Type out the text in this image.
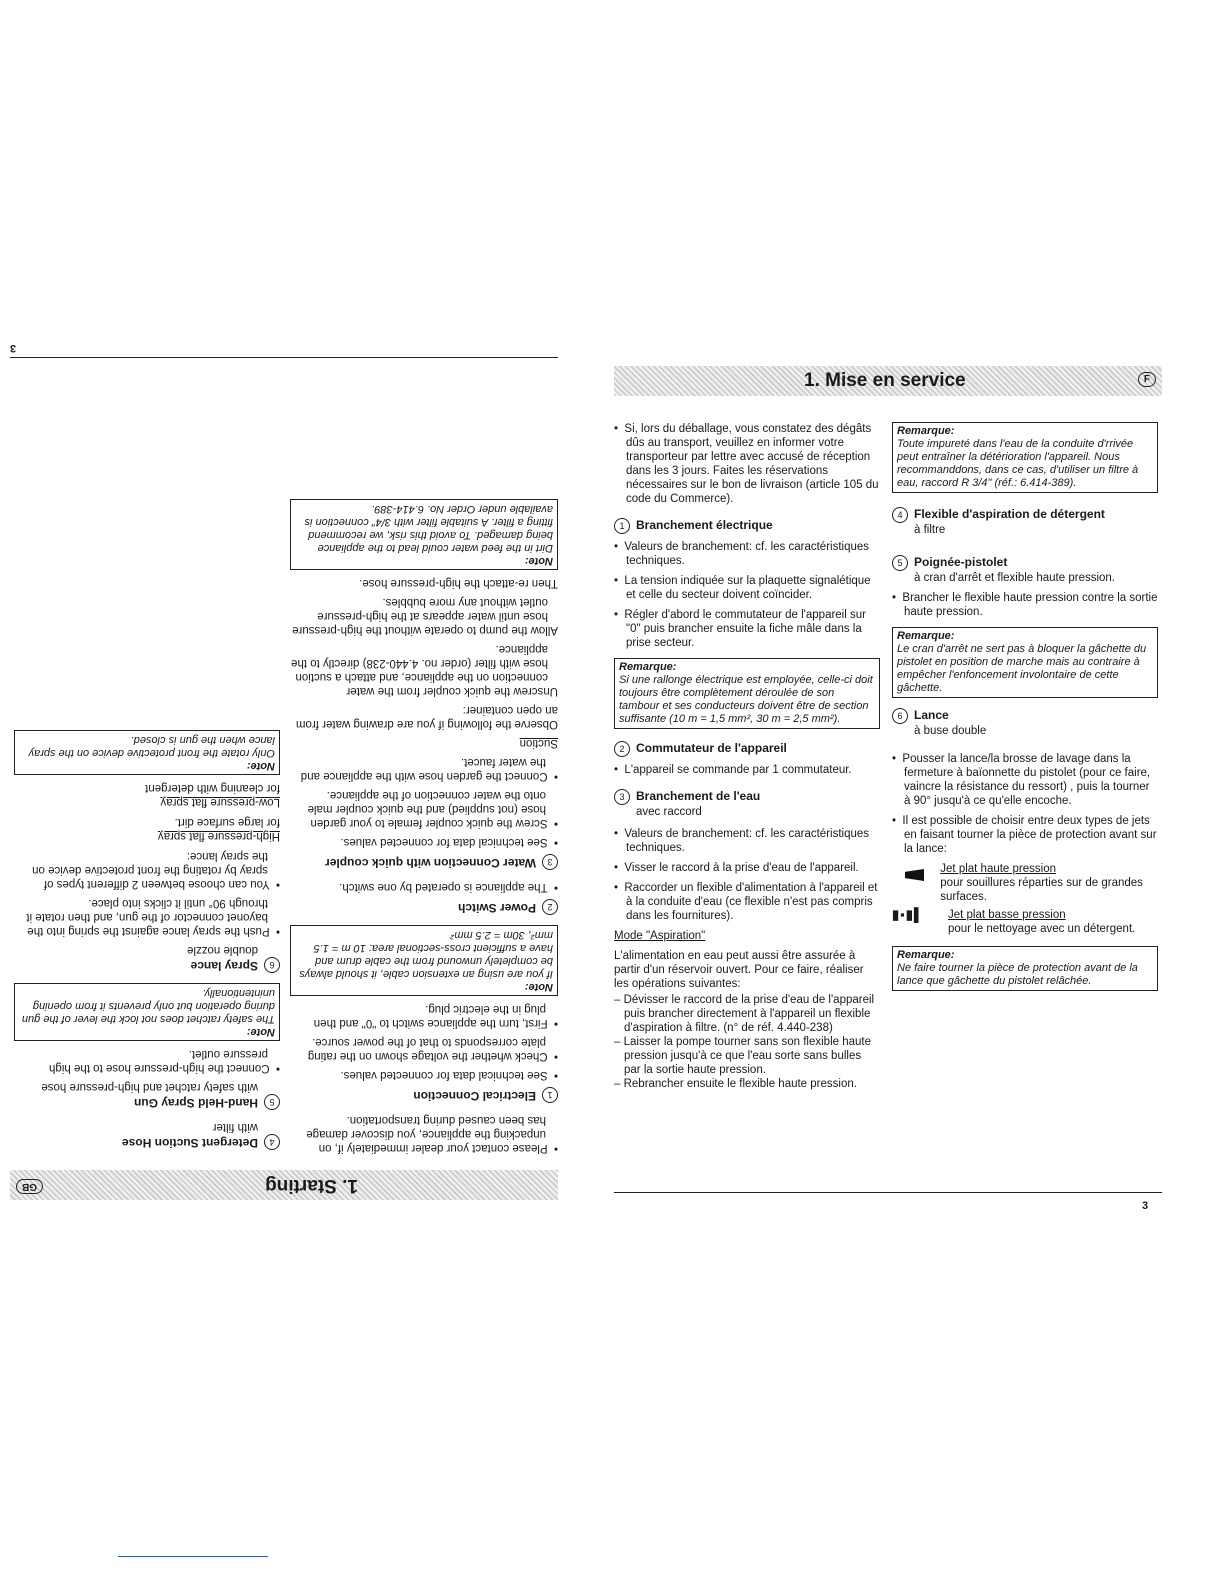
1. Starting
GB

•  Please contact your dealer immediately if, on unpacking the appliance, you discover damage has been caused during transportation.

1Electrical Connection

•  See technical data for connected values.

•  Check whether the voltage shown on the rating plate corresponds to that of the power source.

•  First, turn the appliance switch to "0" and then plug in the electric plug.

Note:

If you are using an extension cable, it should always be completely unwound from the cable drum and have a sufficient cross-sectional area: 10 m = 1.5 mm², 30m = 2.5 mm²

2Power Switch

•  The appliance is operated by one switch.

3Water Connection with quick coupler

•  See technical data for connected values.

•  Screw the quick coupler female to your garden hose (not supplied) and the quick coupler male onto the water connection of the appliance.

•  Connect the garden hose with the appliance and the water faucet.

Suction

Observe the following if you are drawing water from an open container:

Unscrew the quick coupler from the water connection on the appliance, and attach a suction hose with filter (order no. 4.440-238) directly to the appliance.

Allow the pump to operate without the high-pressure hose until water appears at the high-pressure outlet without any more bubbles.

Then re-attach the high-pressure hose.

Note:

Dirt in the feed water could lead to the appliance being damaged. To avoid this risk, we recommend fitting a filter. A suitable filter with 3/4" connection is available under Order No. 6.414-389.

4Detergent Suction Hose

with filter

5Hand-Held Spray Gun

with safety ratchet and high-pressure hose

•  Connect the high-pressure hose to the high pressure outlet.

Note:

The safety ratchet does not lock the lever of the gun during operation but only prevents it from opening unintentionally.

6Spray lance

double nozzle

•  Push the spray lance against the spring into the bayonet connector of the gun, and then rotate it through 90° until it clicks into place.

•  You can choose between 2 different types of spray by rotating the front protective device on the spray lance:

High-pressure flat spray

for large surface dirt.

Low-pressure flat spray

for cleaning with detergent

Note:

Only rotate the front protective device on the spray lance when the gun is closed.

3
1. Mise en service	F

•  Si, lors du déballage, vous constatez des dégâts dûs au transport, veuillez en informer votre transporteur par lettre avec accusé de réception dans les 3 jours. Faites les réservations nécessaires sur le bon de livraison (article 105 du code du Commerce).

1 Branchement électrique

•  Valeurs de branchement: cf. les caractéristiques techniques.

•  La tension indiquée sur la plaquette signalétique et celle du secteur doivent coïncider.

•  Régler d'abord le commutateur de l'appareil sur "0" puis brancher ensuite la fiche mâle dans la prise secteur.

Remarque:

Si une rallonge électrique est employée, celle-ci doit toujours être complètement déroulée de son tambour et ses conducteurs doivent être de section suffisante (10 m = 1,5 mm², 30 m = 2,5 mm²).

2 Commutateur de l'appareil

•  L'appareil se commande par 1 commutateur.

3 Branchement de l'eau

avec raccord

•  Valeurs de branchement: cf. les caractéristiques techniques.

•  Visser le raccord à la prise d'eau de l'appareil.

•  Raccorder un flexible d'alimentation à l'appareil et à la conduite d'eau (ce flexible n'est pas compris dans les fournitures).

Mode "Aspiration"

L'alimentation en eau peut aussi être assurée à partir d'un réservoir ouvert. Pour ce faire, réaliser les opérations suivantes:

– Dévisser le raccord de la prise d'eau de l'appareil puis brancher directement à l'appareil un flexible d'aspiration à filtre. (n° de réf. 4.440-238)

– Laisser la pompe tourner sans son flexible haute pression jusqu'à ce que l'eau sorte sans bulles par la sortie haute pression.

– Rebrancher ensuite le flexible haute pression.

Remarque:

Toute impureté dans l'eau de la conduite d'rrivée peut entraîner la détérioration l'appareil. Nous recommanddons, dans ce cas, d'utiliser un filtre à eau, raccord R 3/4" (réf.: 6.414-389).

4 Flexible d'aspiration de détergent

à filtre

5 Poignée-pistolet

à cran d'arrêt et flexible haute pression.

•  Brancher le flexible haute pression contre la sortie haute pression.

Remarque:

Le cran d'arrêt ne sert pas à bloquer la gâchette du pistolet en position de marche mais au contraire à empêcher l'enfoncement involontaire de cette gâchette.

6 Lance

à buse double

•  Pousser la lance/la brosse de lavage dans la fermeture à baïonnette du pistolet (pour ce faire, vaincre la résistance du ressort) , puis la tourner à 90° jusqu'à ce qu'elle encoche.

•  Il est possible de choisir entre deux types de jets en faisant tourner la pièce de protection avant sur la lance:

Jet plat haute pression

pour souillures réparties sur de grandes surfaces.

▮▪▮▌	Jet plat basse pression

pour le nettoyage avec un détergent.

Remarque:

Ne faire tourner la pièce de protection avant de la lance que gâchette du pistolet relâchée.

3
